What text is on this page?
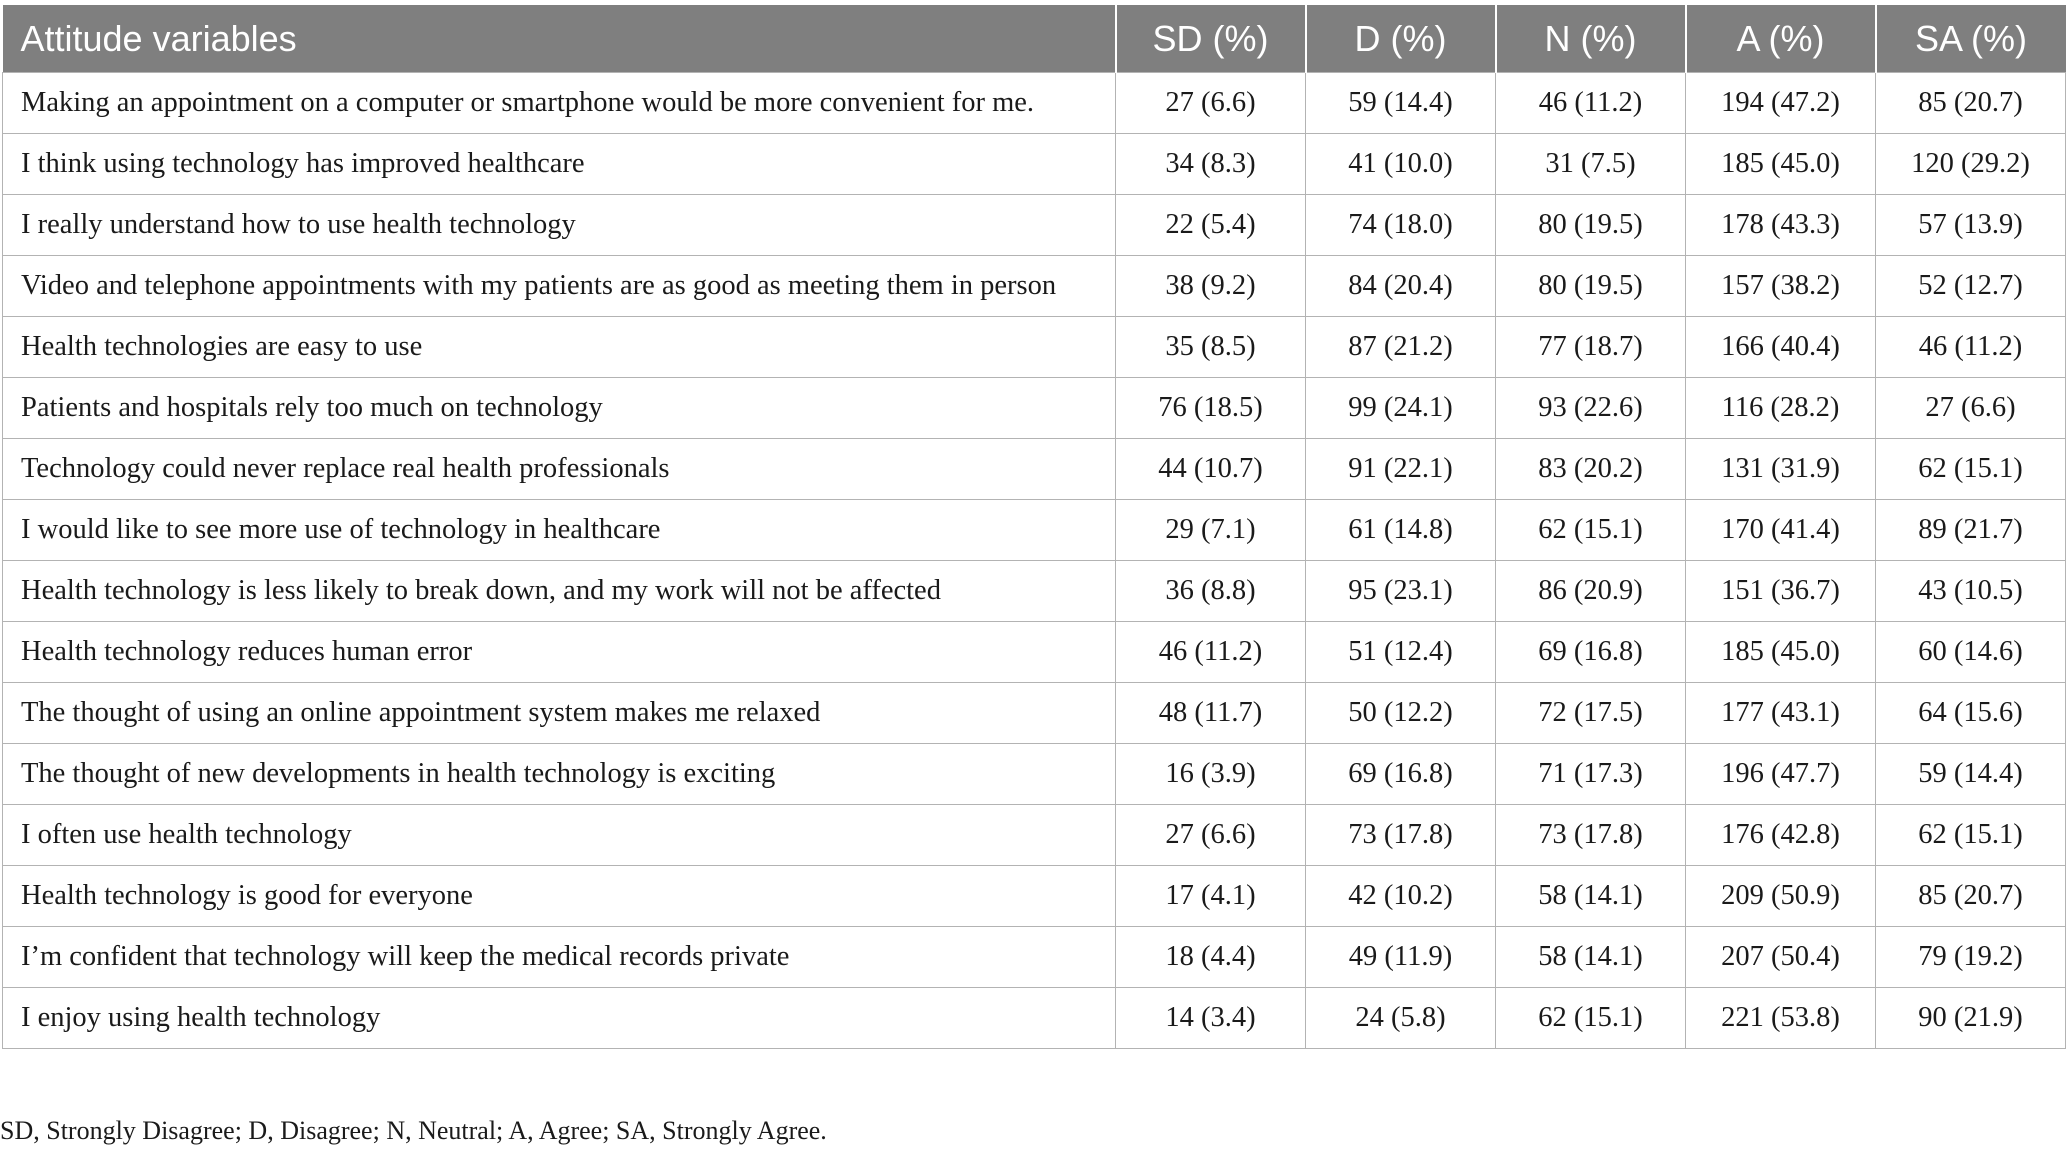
Attitude variables	SD (%)	D (%)	N (%)	A (%)	SA (%)
Making an appointment on a computer or smartphone would be more convenient for me.	27 (6.6)	59 (14.4)	46 (11.2)	194 (47.2)	85 (20.7)
I think using technology has improved healthcare	34 (8.3)	41 (10.0)	31 (7.5)	185 (45.0)	120 (29.2)
I really understand how to use health technology	22 (5.4)	74 (18.0)	80 (19.5)	178 (43.3)	57 (13.9)
Video and telephone appointments with my patients are as good as meeting them in person	38 (9.2)	84 (20.4)	80 (19.5)	157 (38.2)	52 (12.7)
Health technologies are easy to use	35 (8.5)	87 (21.2)	77 (18.7)	166 (40.4)	46 (11.2)
Patients and hospitals rely too much on technology	76 (18.5)	99 (24.1)	93 (22.6)	116 (28.2)	27 (6.6)
Technology could never replace real health professionals	44 (10.7)	91 (22.1)	83 (20.2)	131 (31.9)	62 (15.1)
I would like to see more use of technology in healthcare	29 (7.1)	61 (14.8)	62 (15.1)	170 (41.4)	89 (21.7)
Health technology is less likely to break down, and my work will not be affected	36 (8.8)	95 (23.1)	86 (20.9)	151 (36.7)	43 (10.5)
Health technology reduces human error	46 (11.2)	51 (12.4)	69 (16.8)	185 (45.0)	60 (14.6)
The thought of using an online appointment system makes me relaxed	48 (11.7)	50 (12.2)	72 (17.5)	177 (43.1)	64 (15.6)
The thought of new developments in health technology is exciting	16 (3.9)	69 (16.8)	71 (17.3)	196 (47.7)	59 (14.4)
I often use health technology	27 (6.6)	73 (17.8)	73 (17.8)	176 (42.8)	62 (15.1)
Health technology is good for everyone	17 (4.1)	42 (10.2)	58 (14.1)	209 (50.9)	85 (20.7)
I’m confident that technology will keep the medical records private	18 (4.4)	49 (11.9)	58 (14.1)	207 (50.4)	79 (19.2)
I enjoy using health technology	14 (3.4)	24 (5.8)	62 (15.1)	221 (53.8)	90 (21.9)
SD, Strongly Disagree; D, Disagree; N, Neutral; A, Agree; SA, Strongly Agree.
